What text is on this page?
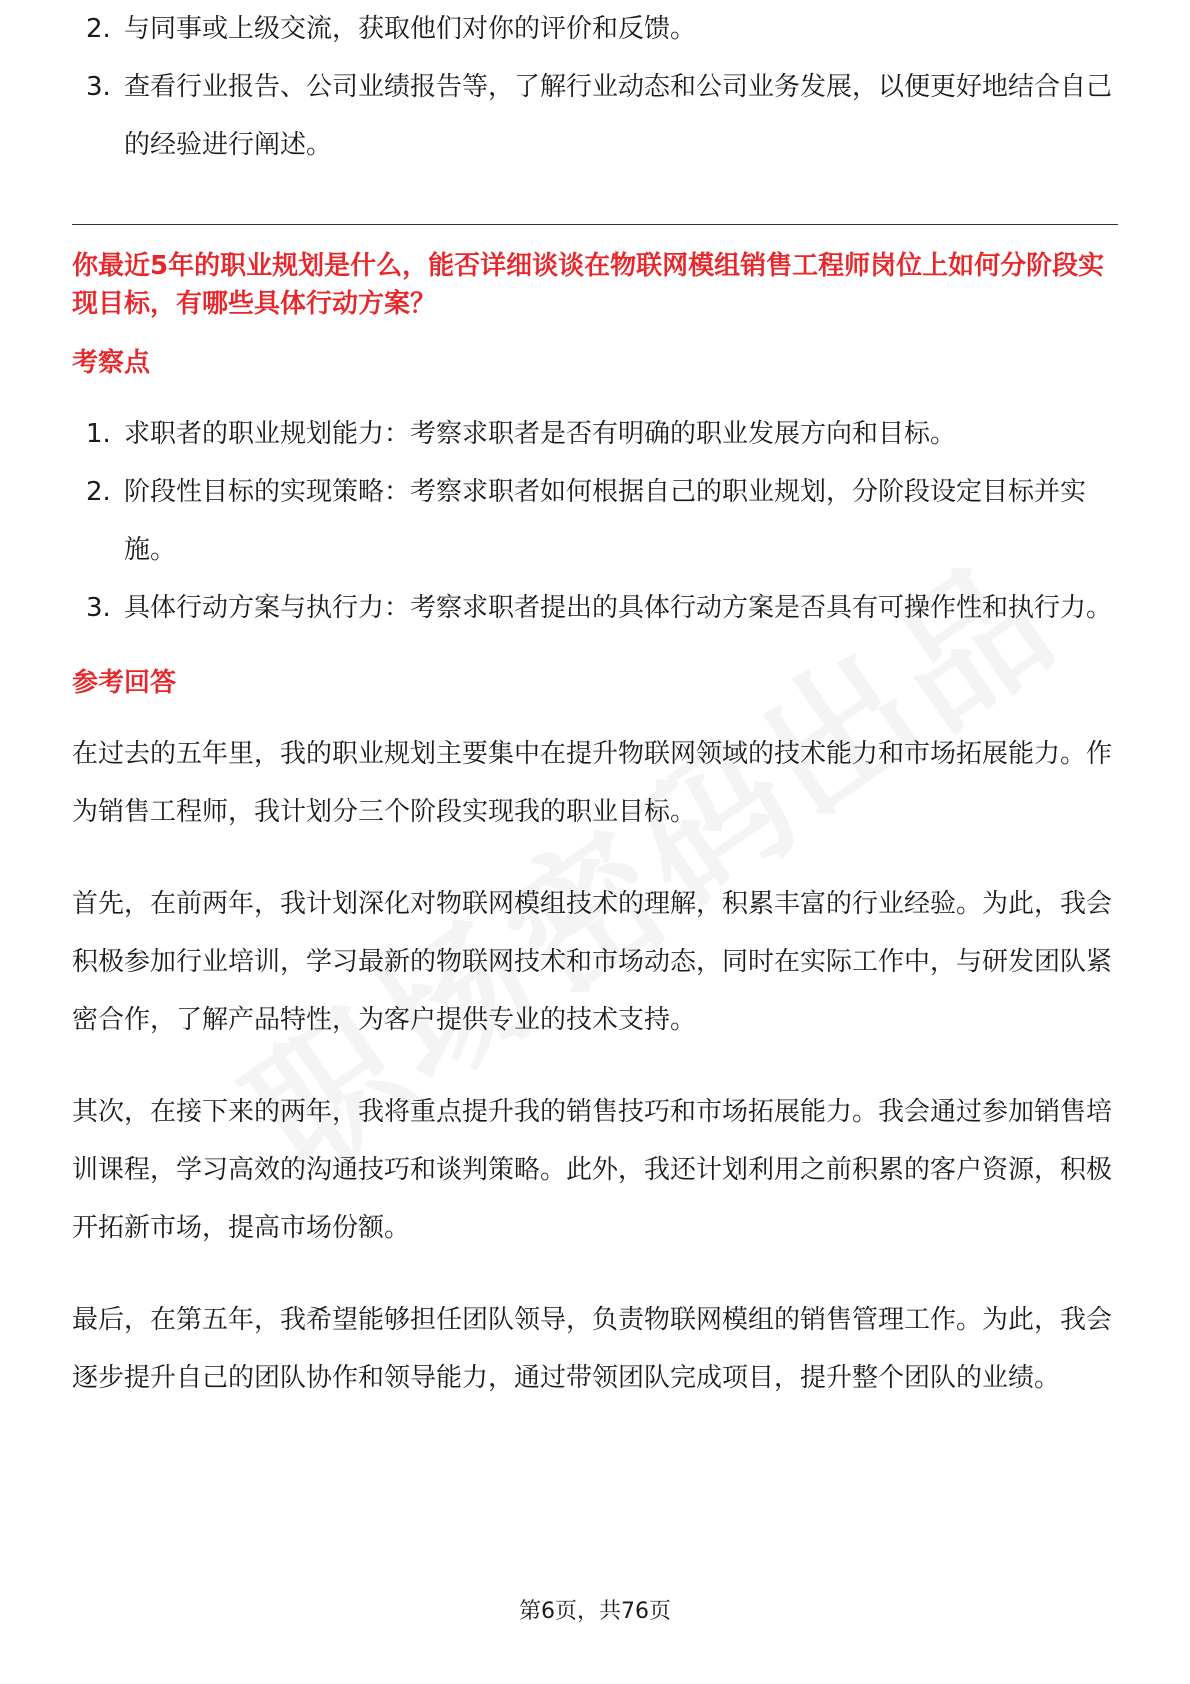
2. 与同事或上级交流，获取他们对你的评价和反馈。
3. 查看行业报告、公司业绩报告等，了解行业动态和公司业务发展，以便更好地结合自己的经验进行阐述。

你最近5年的职业规划是什么，能否详细谈谈在物联网模组销售工程师岗位上如何分阶段实现目标，有哪些具体行动方案？

考察点
1. 求职者的职业规划能力：考察求职者是否有明确的职业发展方向和目标。
2. 阶段性目标的实现策略：考察求职者如何根据自己的职业规划，分阶段设定目标并实施。
3. 具体行动方案与执行力：考察求职者提出的具体行动方案是否具有可操作性和执行力。
参考回答

在过去的五年里，我的职业规划主要集中在提升物联网领域的技术能力和市场拓展能力。作为销售工程师，我计划分三个阶段实现我的职业目标。

首先，在前两年，我计划深化对物联网模组技术的理解，积累丰富的行业经验。为此，我会积极参加行业培训，学习最新的物联网技术和市场动态，同时在实际工作中，与研发团队紧密合作，了解产品特性，为客户提供专业的技术支持。

其次，在接下来的两年，我将重点提升我的销售技巧和市场拓展能力。我会通过参加销售培训课程，学习高效的沟通技巧和谈判策略。此外，我还计划利用之前积累的客户资源，积极开拓新市场，提高市场份额。

最后，在第五年，我希望能够担任团队领导，负责物联网模组的销售管理工作。为此，我会逐步提升自己的团队协作和领导能力，通过带领团队完成项目，提升整个团队的业绩。

第6页，共76页
